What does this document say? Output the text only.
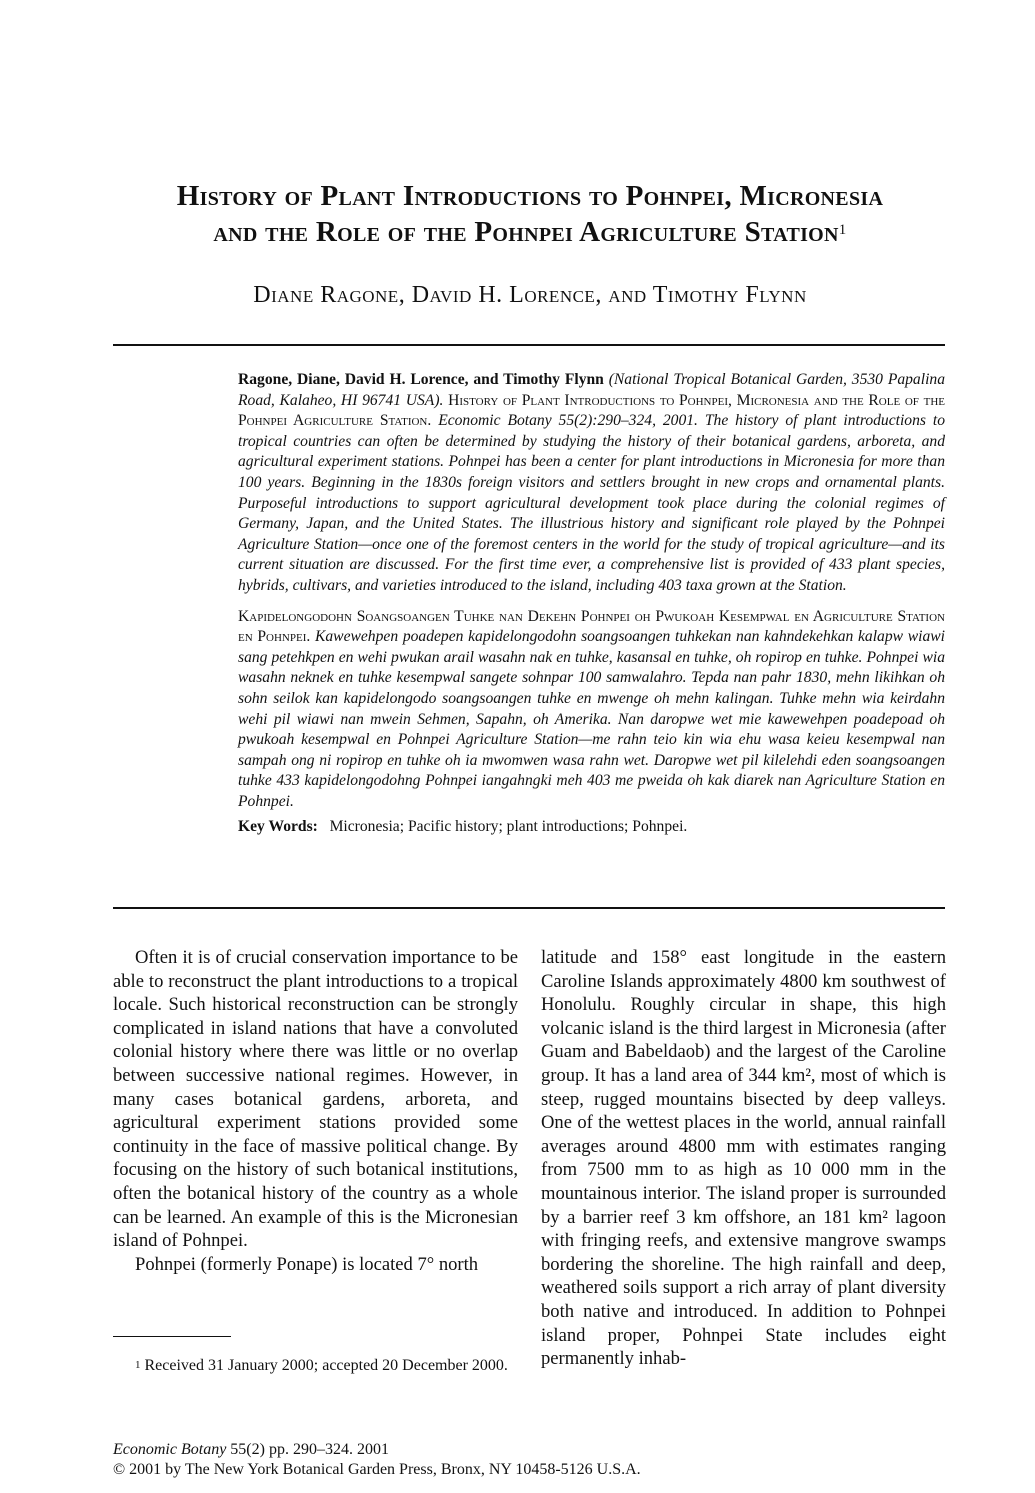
History of Plant Introductions to Pohnpei, Micronesia
and the Role of the Pohnpei Agriculture Station$^1$
Diane Ragone, David H. Lorence, and Timothy Flynn

Ragone, Diane, David H. Lorence, and Timothy Flynn (National Tropical Botanical Garden, 3530 Papalina Road, Kalaheo, HI 96741 USA). History of Plant Introductions to Pohnpei, Micronesia and the Role of the Pohnpei Agriculture Station. Economic Botany 55(2):290–324, 2001. The history of plant introductions to tropical countries can often be determined by studying the history of their botanical gardens, arboreta, and agricultural experiment stations. Pohnpei has been a center for plant introductions in Micronesia for more than 100 years. Beginning in the 1830s foreign visitors and settlers brought in new crops and ornamental plants. Purposeful introductions to support agricultural development took place during the colonial regimes of Germany, Japan, and the United States. The illustrious history and significant role played by the Pohnpei Agriculture Station—once one of the foremost centers in the world for the study of tropical agriculture—and its current situation are discussed. For the first time ever, a comprehensive list is provided of 433 plant species, hybrids, cultivars, and varieties introduced to the island, including 403 taxa grown at the Station.

Kapidelongodohn Soangsoangen Tuhke nan Dekehn Pohnpei oh Pwukoah Kesempwal en Agriculture Station en Pohnpei. Kawewehpen poadepen kapidelongodohn soangsoangen tuhkekan nan kahndekehkan kalapw wiawi sang petehkpen en wehi pwukan arail wasahn nak en tuhke, kasansal en tuhke, oh ropirop en tuhke. Pohnpei wia wasahn neknek en tuhke kesempwal sangete sohnpar 100 samwalahro. Tepda nan pahr 1830, mehn likihkan oh sohn seilok kan kapidelongodo soangsoangen tuhke en mwenge oh mehn kalingan. Tuhke mehn wia keirdahn wehi pil wiawi nan mwein Sehmen, Sapahn, oh Amerika. Nan daropwe wet mie kawewehpen poadepoad oh pwukoah kesempwal en Pohnpei Agriculture Station—me rahn teio kin wia ehu wasa keieu kesempwal nan sampah ong ni ropirop en tuhke oh ia mwomwen wasa rahn wet. Daropwe wet pil kilelehdi eden soangsoangen tuhke 433 kapidelongodohng Pohnpei iangahngki meh 403 me pweida oh kak diarek nan Agriculture Station en Pohnpei.

Key Words: Micronesia; Pacific history; plant introductions; Pohnpei.

Often it is of crucial conservation importance to be able to reconstruct the plant introductions to a tropical locale. Such historical reconstruction can be strongly complicated in island nations that have a convoluted colonial history where there was little or no overlap between successive national regimes. However, in many cases botanical gardens, arboreta, and agricultural experiment stations provided some continuity in the face of massive political change. By focusing on the history of such botanical institutions, often the botanical history of the country as a whole can be learned. An example of this is the Micronesian island of Pohnpei.

Pohnpei (formerly Ponape) is located 7° north

latitude and 158° east longitude in the eastern Caroline Islands approximately 4800 km southwest of Honolulu. Roughly circular in shape, this high volcanic island is the third largest in Micronesia (after Guam and Babeldaob) and the largest of the Caroline group. It has a land area of 344 km², most of which is steep, rugged mountains bisected by deep valleys. One of the wettest places in the world, annual rainfall averages around 4800 mm with estimates ranging from 7500 mm to as high as 10 000 mm in the mountainous interior. The island proper is surrounded by a barrier reef 3 km offshore, an 181 km² lagoon with fringing reefs, and extensive mangrove swamps bordering the shoreline. The high rainfall and deep, weathered soils support a rich array of plant diversity both native and introduced. In addition to Pohnpei island proper, Pohnpei State includes eight permanently inhab-

$^1$ Received 31 January 2000; accepted 20 December 2000.
Economic Botany 55(2) pp. 290–324. 2001
© 2001 by The New York Botanical Garden Press, Bronx, NY 10458-5126 U.S.A.
